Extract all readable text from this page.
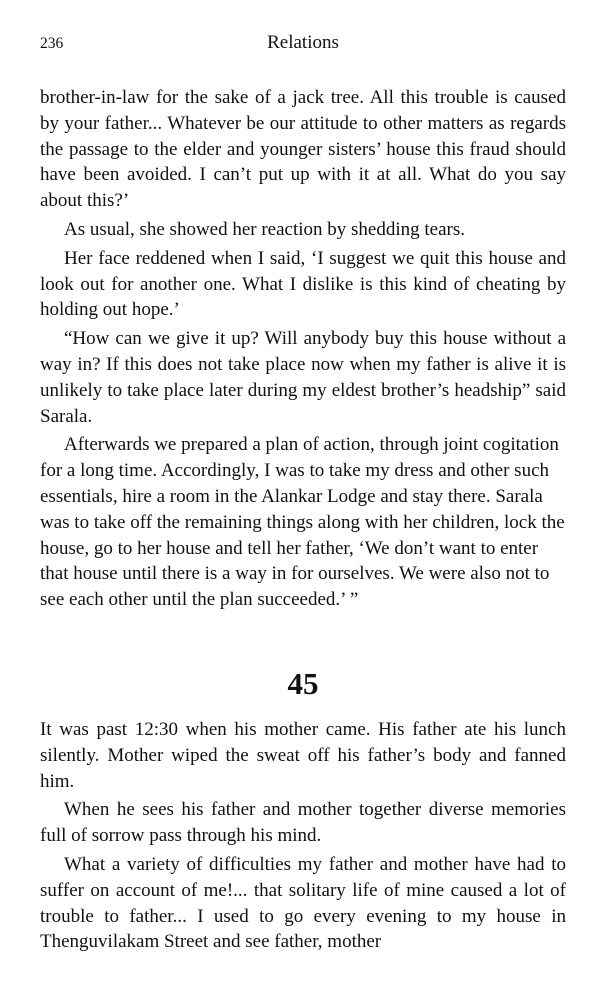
236	Relations

brother-in-law for the sake of a jack tree. All this trouble is caused by your father... Whatever be our attitude to other matters as regards the passage to the elder and younger sisters’ house this fraud should have been avoided. I can’t put up with it at all. What do you say about this?’

As usual, she showed her reaction by shedding tears.

Her face reddened when I said, ‘I suggest we quit this house and look out for another one. What I dislike is this kind of cheating by holding out hope.’

“How can we give it up? Will anybody buy this house without a way in? If this does not take place now when my father is alive it is unlikely to take place later during my eldest brother’s headship” said Sarala.

Afterwards we prepared a plan of action, through joint cogitation for a long time. Accordingly, I was to take my dress and other such essentials, hire a room in the Alankar Lodge and stay there. Sarala was to take off the remaining things along with her children, lock the house, go to her house and tell her father, ‘We don’t want to enter that house until there is a way in for ourselves. We were also not to see each other until the plan succeeded.’ ”

45

It was past 12:30 when his mother came. His father ate his lunch silently. Mother wiped the sweat off his father’s body and fanned him.

When he sees his father and mother together diverse memories full of sorrow pass through his mind.

What a variety of difficulties my father and mother have had to suffer on account of me!... that solitary life of mine caused a lot of trouble to father... I used to go every evening to my house in Thenguvilakam Street and see father, mother
